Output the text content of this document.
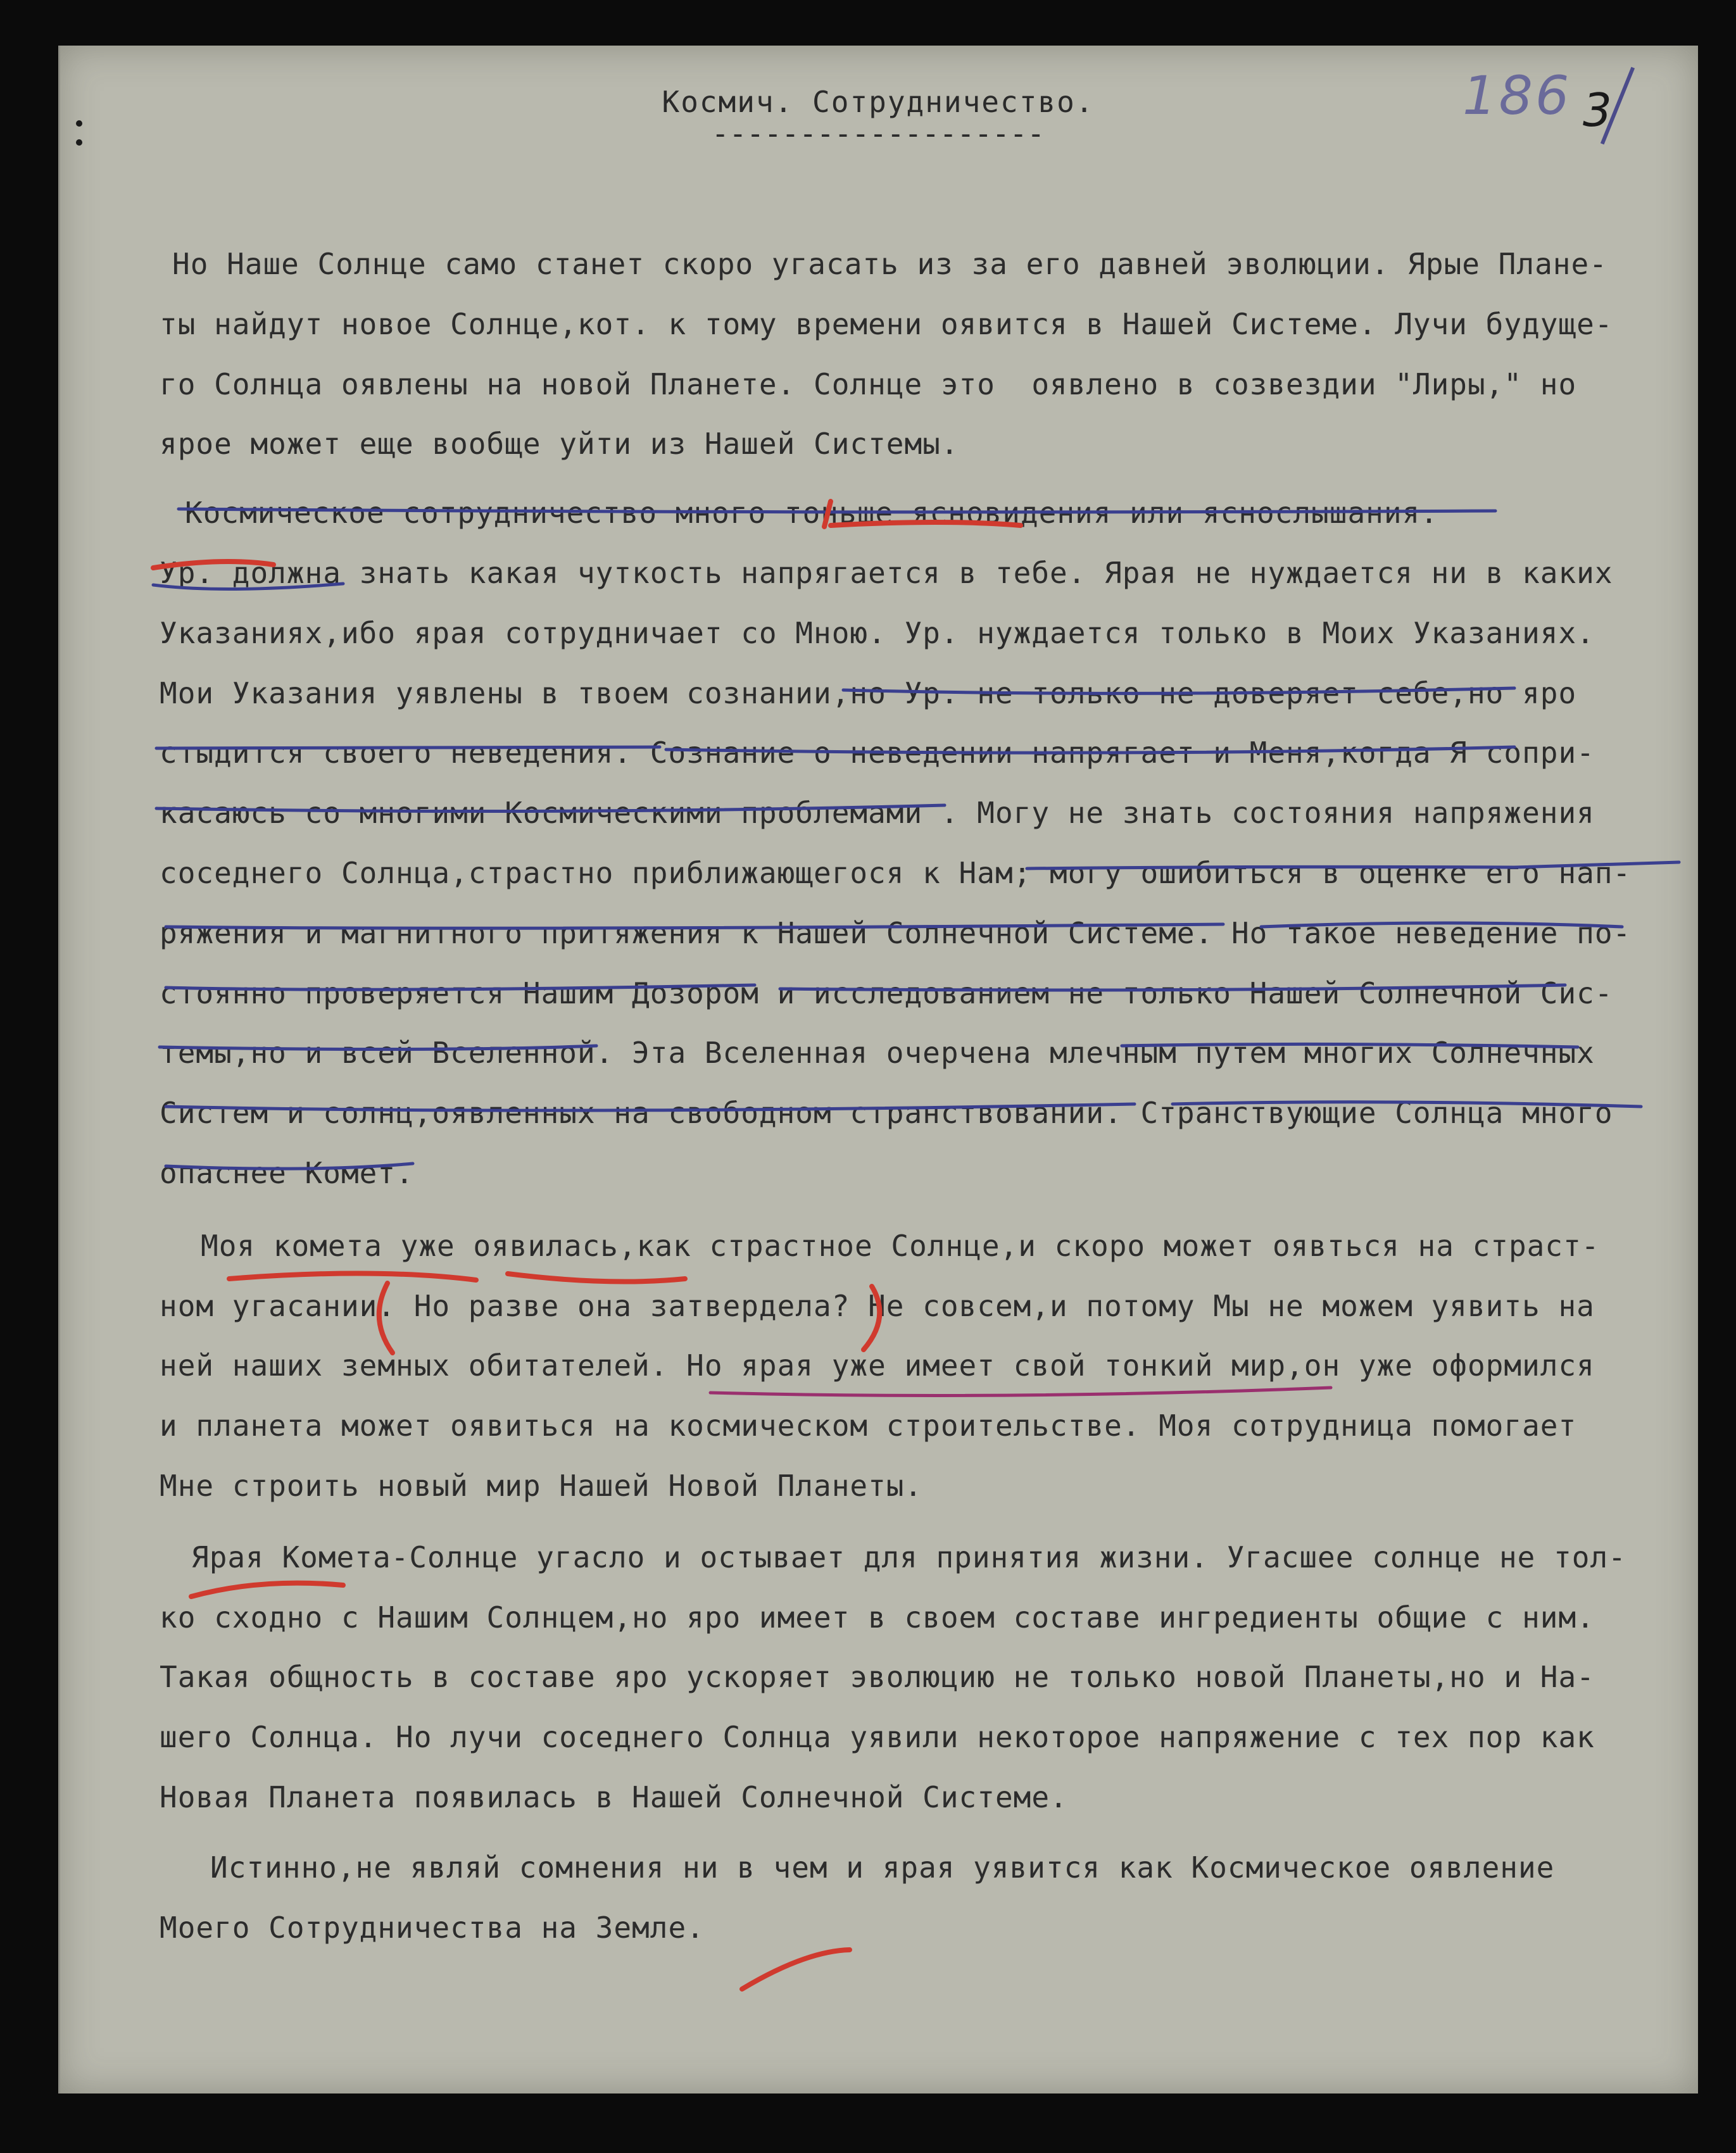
Космич. Сотрудничество.
-------------------
186 3
Но Наше Солнце само станет скоро угасать из за его давней эволюции. Ярые Плане-
ты найдут новое Солнце,кот. к тому времени оявится в Нашей Системе. Лучи будуще-
го Солнца оявлены на новой Планете. Солнце это  оявлено в созвездии "Лиры," но
ярое может еще вообще уйти из Нашей Системы.
Космическое сотрудничество много тоньше ясновидения или яснослышания.
Ур. должна знать какая чуткость напрягается в тебе. Ярая не нуждается ни в каких
Указаниях,ибо ярая сотрудничает со Мною. Ур. нуждается только в Моих Указаниях.
Мои Указания уявлены в твоем сознании,но Ур. не только не доверяет себе,но яро
стыдится своего неведения. Сознание о неведении напрягает и Меня,когда Я сопри-
касаюсь со многими Космическими проблемами . Могу не знать состояния напряжения
соседнего Солнца,страстно приближающегося к Нам; могу ошибиться в оценке его нап-
ряжения и магнитного притяжения к Нашей Солнечной Системе. Но такое неведение по-
стоянно проверяется Нашим Дозором и исследованием не только Нашей Солнечной Сис-
темы,но и всей Вселенной. Эта Вселенная очерчена млечным путем многих Солнечных
Систем и солнц,оявленных на свободном странствовании. Странствующие Солнца много
опаснее Комет.
Моя комета уже оявилась,как страстное Солнце,и скоро может оявться на страст-
ном угасании. Но разве она затвердела? Не совсем,и потому Мы не можем уявить на
ней наших земных обитателей. Но ярая уже имеет свой тонкий мир,он уже оформился
и планета может оявиться на космическом строительстве. Моя сотрудница помогает
Мне строить новый мир Нашей Новой Планеты.
Ярая Комета-Солнце угасло и остывает для принятия жизни. Угасшее солнце не тол-
ко сходно с Нашим Солнцем,но яро имеет в своем составе ингредиенты общие с ним.
Такая общность в составе яро ускоряет эволюцию не только новой Планеты,но и На-
шего Солнца. Но лучи соседнего Солнца уявили некоторое напряжение с тех пор как
Новая Планета появилась в Нашей Солнечной Системе.
Истинно,не являй сомнения ни в чем и ярая уявится как Космическое оявление
Моего Сотрудничества на Земле.
